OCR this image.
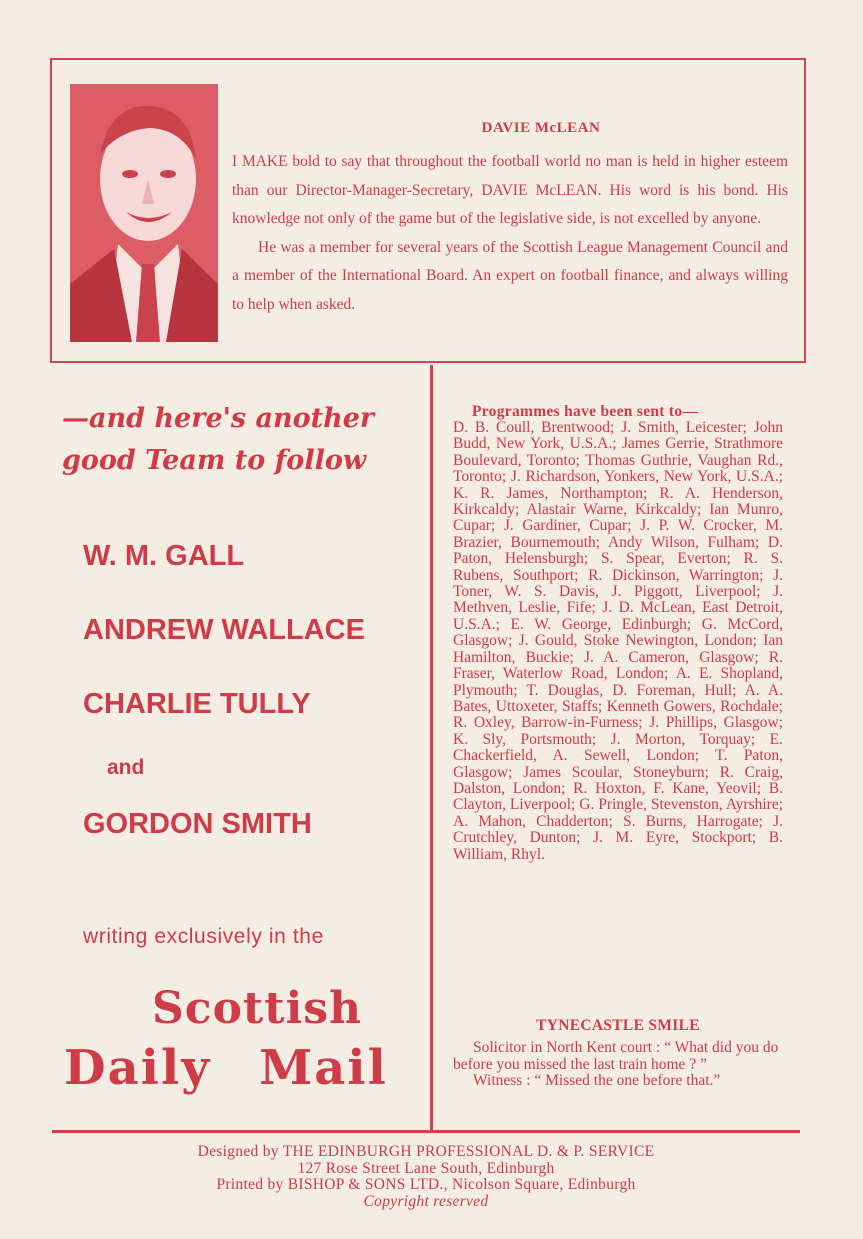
DAVIE McLEAN

I MAKE bold to say that throughout the football world no man is held in higher esteem than our Director-Manager-Secretary, DAVIE McLEAN. His word is his bond. His knowledge not only of the game but of the legislative side, is not excelled by anyone.

He was a member for several years of the Scottish League Management Council and a member of the International Board. An expert on football finance, and always willing to help when asked.

—and here's another
good Team to follow
W. M. GALL
ANDREW WALLACE
CHARLIE TULLY
and
GORDON SMITH
writing exclusively in the
Scottish
Daily Mail
Programmes have been sent to—
D. B. Coull, Brentwood; J. Smith, Leicester; John Budd, New York, U.S.A.; James Gerrie, Strathmore Boulevard, Toronto; Thomas Guthrie, Vaughan Rd., Toronto; J. Richardson, Yonkers, New York, U.S.A.; K. R. James, Northampton; R. A. Henderson, Kirkcaldy; Alastair Warne, Kirkcaldy; Ian Munro, Cupar; J. Gardiner, Cupar; J. P. W. Crocker, M. Brazier, Bournemouth; Andy Wilson, Fulham; D. Paton, Helensburgh; S. Spear, Everton; R. S. Rubens, Southport; R. Dickinson, Warrington; J. Toner, W. S. Davis, J. Piggott, Liverpool; J. Methven, Leslie, Fife; J. D. McLean, East Detroit, U.S.A.; E. W. George, Edinburgh; G. McCord, Glasgow; J. Gould, Stoke Newington, London; Ian Hamilton, Buckie; J. A. Cameron, Glasgow; R. Fraser, Waterlow Road, London; A. E. Shopland, Plymouth; T. Douglas, D. Foreman, Hull; A. A. Bates, Uttoxeter, Staffs; Kenneth Gowers, Rochdale; R. Oxley, Barrow-in-Furness; J. Phillips, Glasgow; K. Sly, Portsmouth; J. Morton, Torquay; E. Chackerfield, A. Sewell, London; T. Paton, Glasgow; James Scoular, Stoneyburn; R. Craig, Dalston, London; R. Hoxton, F. Kane, Yeovil; B. Clayton, Liverpool; G. Pringle, Stevenston, Ayrshire; A. Mahon, Chadderton; S. Burns, Harrogate; J. Crutchley, Dunton; J. M. Eyre, Stockport; B. William, Rhyl.
TYNECASTLE SMILE

Solicitor in North Kent court : “ What did you do before you missed the last train home ? ”

Witness : “ Missed the one before that.”

Designed by THE EDINBURGH PROFESSIONAL D. & P. SERVICE
127 Rose Street Lane South, Edinburgh
Printed by BISHOP & SONS LTD., Nicolson Square, Edinburgh
Copyright reserved
